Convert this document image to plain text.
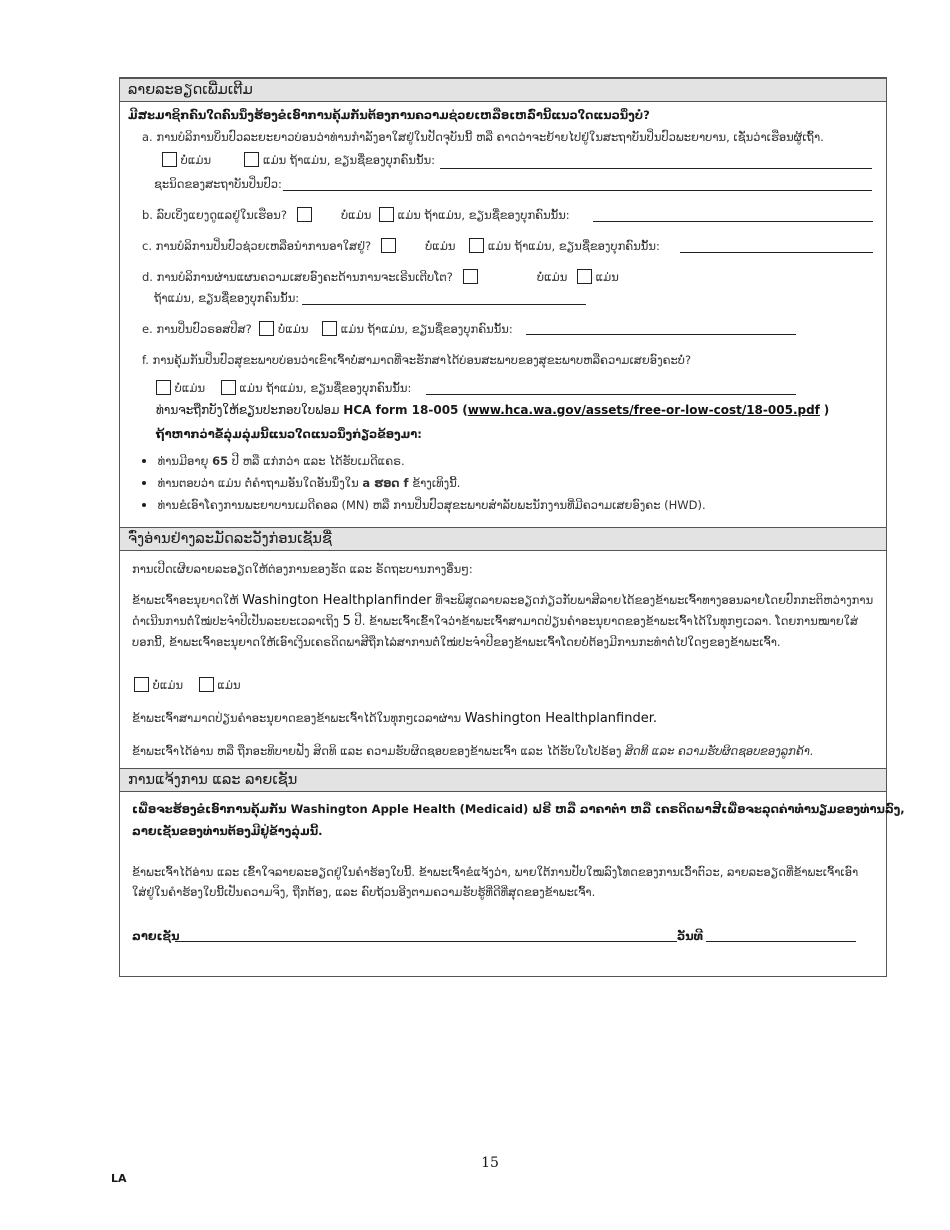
ລາຍລະອຽດເພີ່ມເຕີມ
ມີສະມາຊິກຄົນໃດຄົນນຶ່ງຮ້ອງຂໍເອົາການຄຸ້ມກັນຕ້ອງການຄວາມຊ່ວຍເຫລືອເຫລົ່ານີ້ແນວໃດແນວນຶ່ງບໍ່?
a. ການບໍລິການບິ່ນປົວລະຍະຍາວບ່ອນວ່າທ່ານກໍາລັງອາໃສຢູ່ໃນປັດຈຸບັນນີ້ ຫລື ຄາດວ່າຈະຍ້າຍໄປຢູ່ໃນສະຖາບັນປິ່ນປົວພະຍາບານ, ເຊັ່ນວ່າເຮືອນຜູ້ເຖົ້າ.
ບໍ່ແມ່ນ	ແມ່ນ ຖ້າແມ່ນ, ຂຽນຊື່ຂອງບຸກຄົນນັ້ນ:
ຊະນິດຂອງສະຖາບັນປິ່ນປົວ:
b. ລົບເບິ່ງແຍງດູແລຢູ່ໃນເຮືອນ?	ບໍ່ແມ່ນ ແມ່ນ ຖ້າແມ່ນ, ຂຽນຊື່ຂອງບຸກຄົນນັ້ນ:
c. ການບໍລິການປິ່ນປົວຊ່ວຍເຫລືອນໍາການອາໃສຢູ່?	ບໍ່ແມ່ນ	ແມ່ນ ຖ້າແມ່ນ, ຂຽນຊື່ຂອງບຸກຄົນນັ້ນ:
d. ການບໍລິການຜ່ານແຜນຄວາມເສຍອົງຄະດ້ານການຈະເຣີນເຕີບໂຕ?	ບໍ່ແມ່ນ ແມ່ນ
ຖ້າແມ່ນ, ຂຽນຊື່ຂອງບຸກຄົນນັ້ນ:
e. ການປິ່ນປົວຣອສປີສ? ບໍ່ແມ່ນ	ແມ່ນ ຖ້າແມ່ນ, ຂຽນຊື່ຂອງບຸກຄົນນັ້ນ:
f. ການຄຸ້ມກັນປິ່ນປົວສຸຂະພາບບ່ອນວ່າເຂົາເຈົ້າບໍ່ສາມາດທີ່ຈະຮັກສາໄດ້ບ່ອນສະພາບຂອງສຸຂະພາບຫລືຄວາມເສຍອົງຄະບໍ່?
ບໍ່ແມ່ນ	ແມ່ນ ຖ້າແມ່ນ, ຂຽນຊື່ຂອງບຸກຄົນນັ້ນ:
ທ່ານຈະຖືກບັງໃຫ້ຂຽນປະກອບໃບຟອມ HCA form 18-005 (www.hca.wa.gov/assets/free-or-low-cost/18-005.pdf )
ຖ້າຫາກວ່າຂໍ້ລຸ່ມລຸ່ມນີ້ແນວໃດແນວນຶ່ງກ່ຽວຂ້ອງມາ:
ທ່ານມີອາຍຸ 65 ປີ ຫລື ແກ່ກວ່າ ແລະ ໄດ້ຮັບເມດີແຄຣ.
ທ່ານຕອບວ່າ ແມ່ນ ຕໍ່ຄໍາຖາມອັນໃດອັນນຶ່ງໃນ a ຮອດ f ຂ້າງເທິງນີ້.
ທ່ານຂໍເອົາໂຄງການພະຍາບານເມດີຄອລ (MN) ຫລື ການປິ່ນປົວສຸຂະພາບສໍາລັບພະນັກງານທີ່ມີຄວາມເສຍອົງຄະ (HWD).
ຈົ່ງອ່ານຢ່າງລະມັດລະວັງກ່ອນເຊັນຊື່
ການເປີດເຜີຍລາຍລະອຽດໃຫ້ຕ່ອງການຂອງຮັດ ແລະ ຣັດຖະບານກາງອື່ນໆ:
ຂ້າພະເຈົ້າອະນຸຍາດໃຫ້ Washington Healthplanfinder ທີ່ຈະພິສູດລາຍລະອຽດກ່ຽວກັບພາສີລາຍໄດ້ຂອງຂ້າພະເຈົ້າທາງອອນລາຍໂດຍປົກກະຕິຫວ່າງການດໍາເນີນການຕໍ່ໃໝ່ປະຈໍາປີເປັນລະຍະເວລາເຖິງ 5 ປີ. ຂ້າພະເຈົ້າເຂົ້າໃຈວ່າຂ້າພະເຈົ້າສາມາດປ່ຽນຄໍາອະນຸຍາດຂອງຂ້າພະເຈົ້າໄດ້ໃນທຸກໆເວລາ. ໂດຍການໝາຍໃສ່ບອກນີ້, ຂ້າພະເຈົ້າອະນຸຍາດໃຫ້ເອົາເງິນເຄຣດິດພາສີຖືກໄລ່ສາການຕໍ່ໃໝ່ປະຈໍາປີຂອງຂ້າພະເຈົ້າໂດຍບໍ່ຕ້ອງມີການກະທໍາຕໍ່ໄປໃດໆຂອງຂ້າພະເຈົ້າ.
ບໍ່ແມ່ນ	ແມ່ນ
ຂ້າພະເຈົ້າສາມາດປ່ຽນຄໍາອະນຸຍາດຂອງຂ້າພະເຈົ້າໄດ້ໃນທຸກໆເວລາຜ່ານ Washington Healthplanfinder.
ຂ້າພະເຈົ້າໄດ້ອ່ານ ຫລື ຖືກອະທິບາຍຟັງ ສິດທິ ແລະ ຄວາມຮັບຜິດຊອບຂອງຂ້າພະເຈົ້າ ແລະ ໄດ້ຮັບໃບໂປຣ້ອງ ສິດທິ ແລະ ຄວາມຮັບຜິດຊອບຂອງລູກຄ້າ.
ການແຈ້ງການ ແລະ ລາຍເຊັນ
ເພື່ອຈະຮ້ອງຂໍເອົາການຄຸ້ມກັນ Washington Apple Health (Medicaid) ຟຣີ ຫລື ລາຄາຕໍ່າ ຫລື ເຄຣດິດພາສີເພື່ອຈະລຸດຄ່າທໍານຽມຂອງທ່ານລົງ,
ລາຍເຊັນຂອງທ່ານຕ້ອງມີຢູ່ຂ້າງລຸ່ມນີ້.
ຂ້າພະເຈົ້າໄດ້ອ່ານ ແລະ ເຂົ້າໃຈລາຍລະອຽດຢູ່ໃນຄໍາຮ້ອງໃບນີ້. ຂ້າພະເຈົ້າຂໍແຈ້ງວ່າ, ພາຍໃຕ້ການປັບໃໝລົງໂທດຂອງການເວົ້າຕົວະ, ລາຍລະອຽດທີ່ຂ້າພະເຈົ້າເອົາໃສ່ຢູ່ໃນຄໍາຮ້ອງໃບນີ້ເປັນຄວາມຈິງ, ຖືກຕ້ອງ, ແລະ ຄົບຖ້ວນອີງຕາມຄວາມຮັບຮູ້ທີ່ດີທີ່ສຸດຂອງຂ້າພະເຈົ້າ.
ລາຍເຊັນ	ວັນທີ
15
LA
